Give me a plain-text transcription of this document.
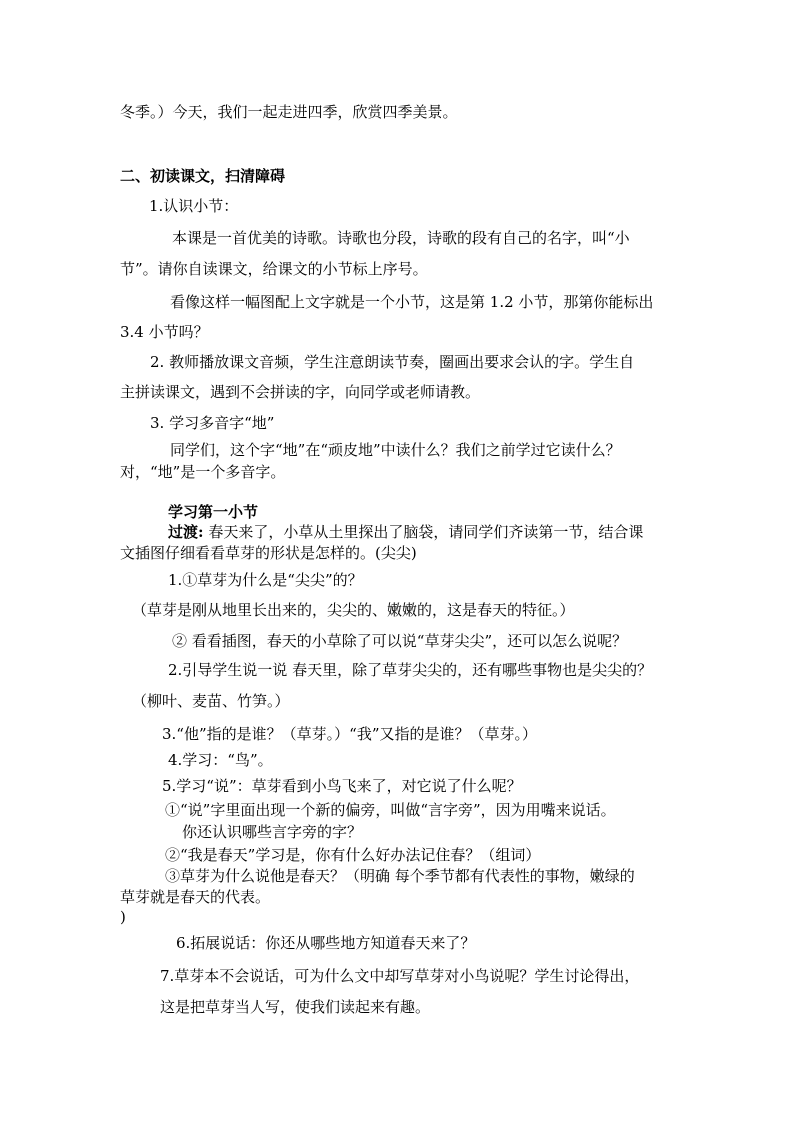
冬季。）今天，我们一起走进四季，欣赏四季美景。
二、初读课文，扫清障碍
1.认识小节：
本课是一首优美的诗歌。诗歌也分段，诗歌的段有自己的名字，叫“小
节”。请你自读课文，给课文的小节标上序号。
看像这样一幅图配上文字就是一个小节，这是第 1.2 小节，那第你能标出
3.4 小节吗？
2. 教师播放课文音频，学生注意朗读节奏，圈画出要求会认的字。学生自
主拼读课文，遇到不会拼读的字，向同学或老师请教。
3. 学习多音字“地”
同学们，这个字“地”在“顽皮地”中读什么？我们之前学过它读什么？
对，“地”是一个多音字。
学习第一小节
过渡: 春天来了，小草从土里探出了脑袋，请同学们齐读第一节，结合课
文插图仔细看看草芽的形状是怎样的。(尖尖)
1.①草芽为什么是“尖尖”的？
（草芽是刚从地里长出来的，尖尖的、嫩嫩的，这是春天的特征。）
② 看看插图，春天的小草除了可以说“草芽尖尖”，还可以怎么说呢？
2.引导学生说一说 春天里，除了草芽尖尖的，还有哪些事物也是尖尖的？
（柳叶、麦苗、竹笋。）
3.“他”指的是谁？（草芽。）“我”又指的是谁？（草芽。）
4.学习：“鸟”。
5.学习“说”：草芽看到小鸟飞来了，对它说了什么呢？
①“说”字里面出现一个新的偏旁，叫做“言字旁”，因为用嘴来说话。
你还认识哪些言字旁的字？
②“我是春天”学习是，你有什么好办法记住春？（组词）
③草芽为什么说他是春天？（明确 每个季节都有代表性的事物，嫩绿的
草芽就是春天的代表。
)
6.拓展说话：你还从哪些地方知道春天来了？
7.草芽本不会说话，可为什么文中却写草芽对小鸟说呢？学生讨论得出，
这是把草芽当人写，使我们读起来有趣。
